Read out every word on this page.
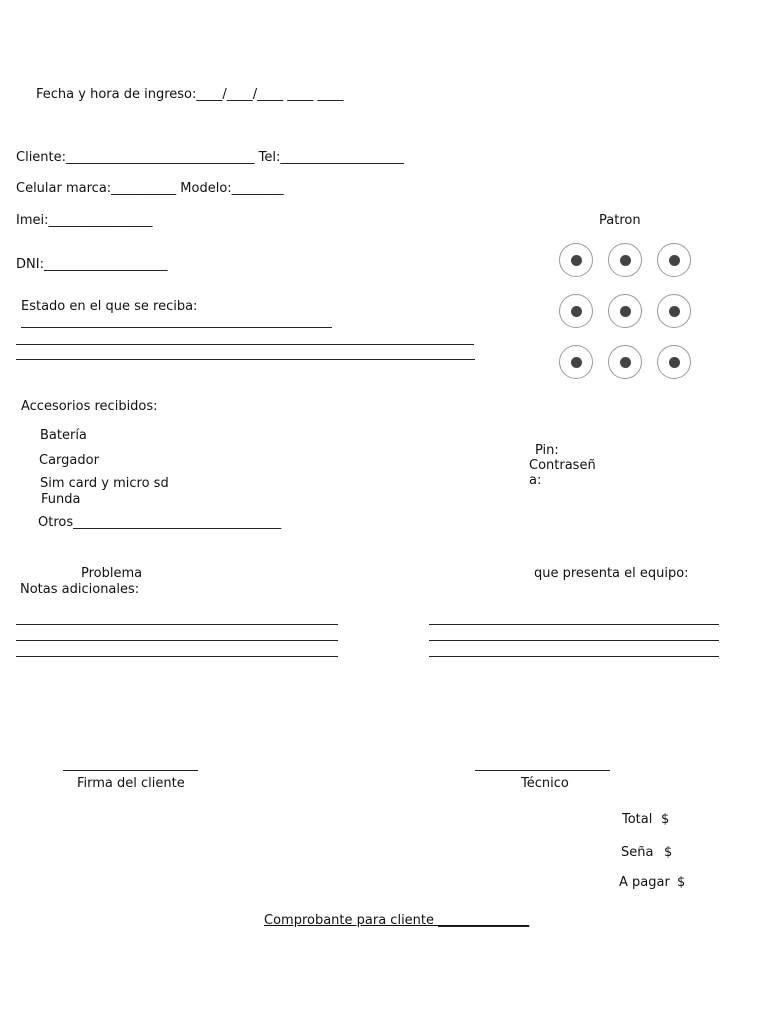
Fecha y hora de ingreso:____/____/____ ____ ____
Cliente:_____________________________ Tel:___________________
Celular marca:__________ Modelo:________
Imei:________________
DNI:___________________
Patron
Estado en el que se reciba:
Accesorios recibidos:
Batería
Cargador
Sim card y micro sd
Funda
Otros________________________________
Pin:
Contraseñ
a:
Problema	que presenta el equipo:
Notas adicionales:
Firma del cliente	Técnico
Total $
Seña $
A pagar $
Comprobante para cliente ______________
